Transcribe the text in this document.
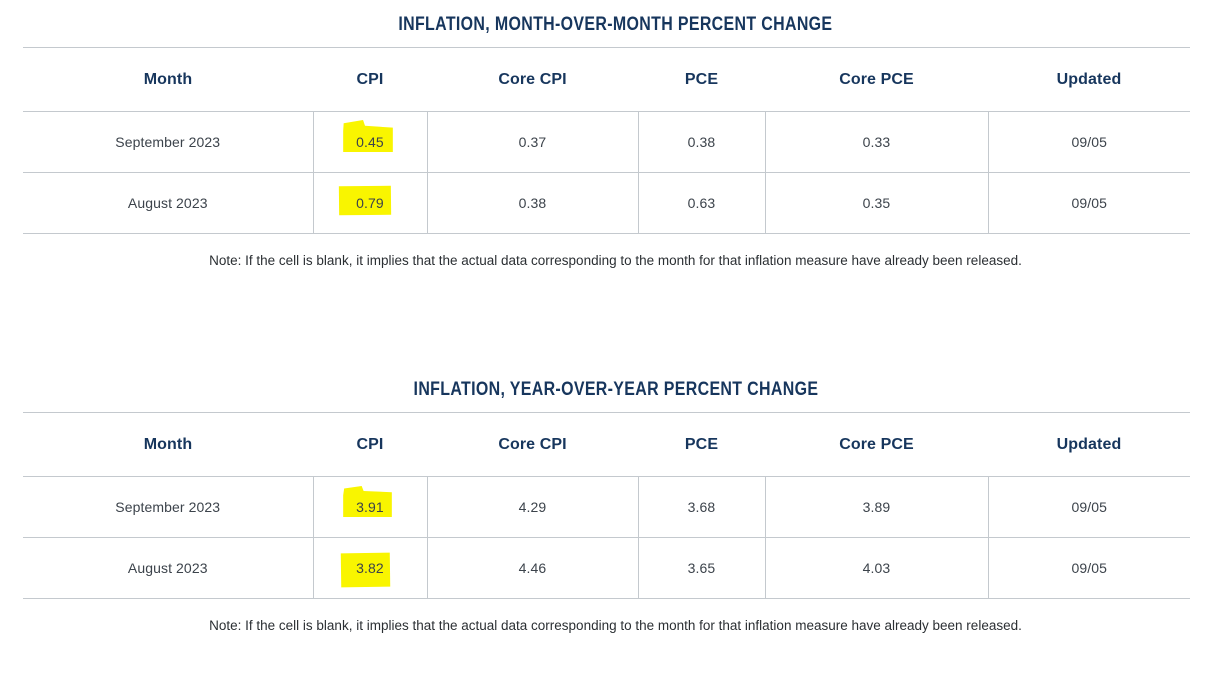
INFLATION, MONTH-OVER-MONTH PERCENT CHANGE
Month	CPI	Core CPI	PCE	Core PCE	Updated
September 2023	0.45	0.37	0.38	0.33	09/05
August 2023	0.79	0.38	0.63	0.35	09/05

Note: If the cell is blank, it implies that the actual data corresponding to the month for that inflation measure have already been released.

INFLATION, YEAR-OVER-YEAR PERCENT CHANGE
Month	CPI	Core CPI	PCE	Core PCE	Updated
September 2023	3.91	4.29	3.68	3.89	09/05
August 2023	3.82	4.46	3.65	4.03	09/05

Note: If the cell is blank, it implies that the actual data corresponding to the month for that inflation measure have already been released.
